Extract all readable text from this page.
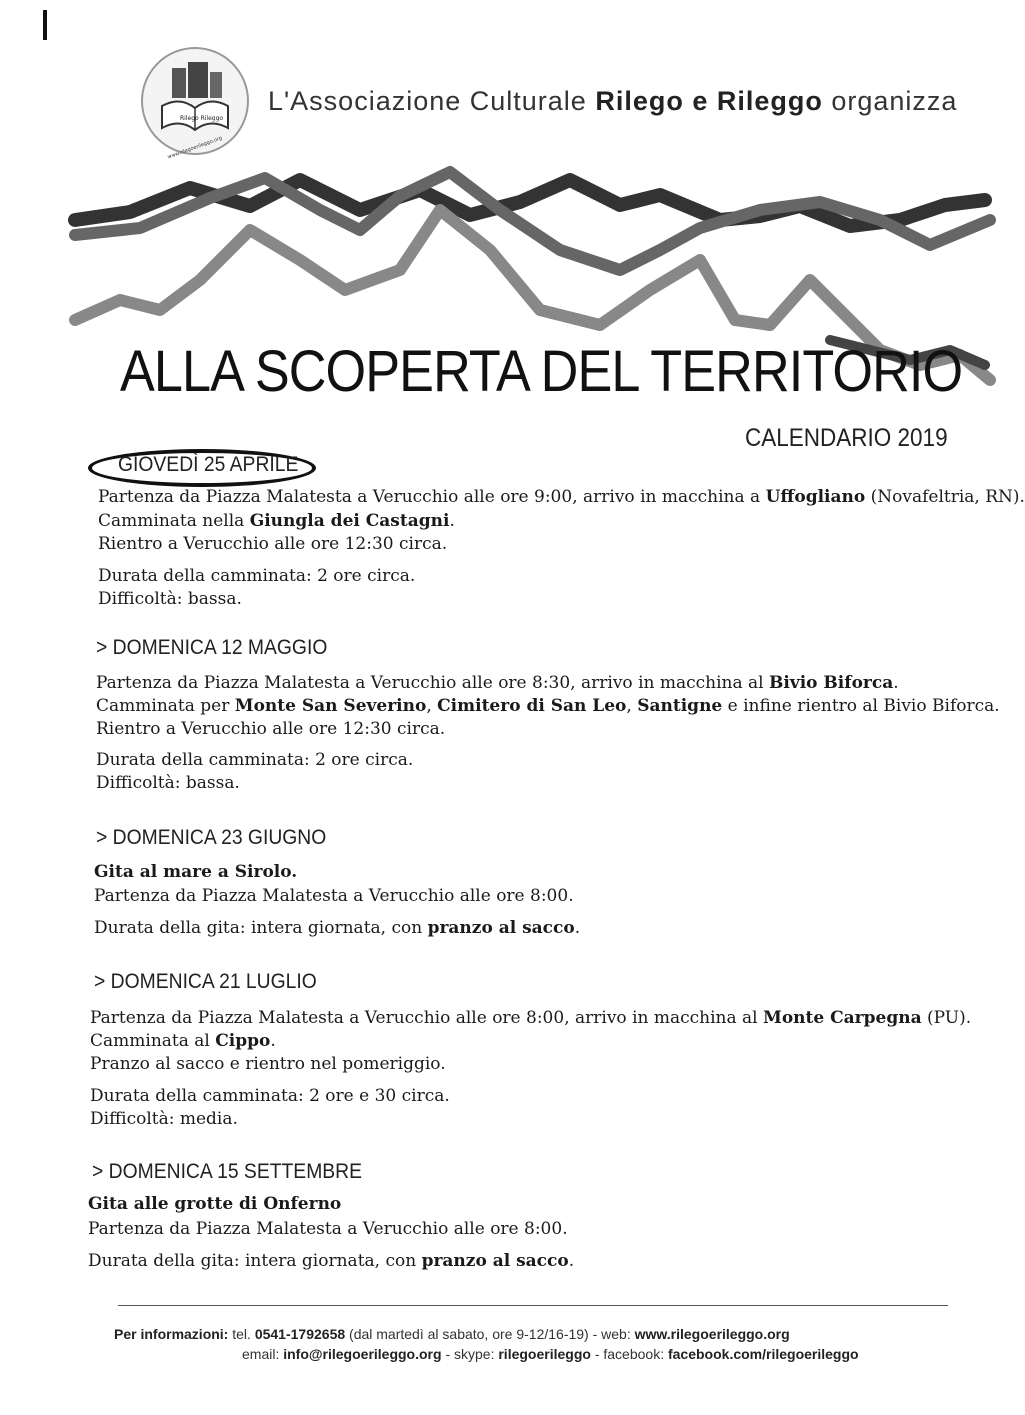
Rilego Rileggo
www.rilegoerileggo.org
L'Associazione Culturale Rilego e Rileggo organizza
ALLA SCOPERTA DEL TERRITORIO
CALENDARIO 2019
GIOVEDÌ 25 APRILE
Partenza da Piazza Malatesta a Verucchio alle ore 9:00, arrivo in macchina a Uffogliano (Novafeltria, RN).
Camminata nella Giungla dei Castagni.
Rientro a Verucchio alle ore 12:30 circa.
Durata della camminata: 2 ore circa.
Difficoltà: bassa.
> DOMENICA 12 MAGGIO
Partenza da Piazza Malatesta a Verucchio alle ore 8:30, arrivo in macchina al Bivio Biforca.
Camminata per Monte San Severino, Cimitero di San Leo, Santigne e infine rientro al Bivio Biforca.
Rientro a Verucchio alle ore 12:30 circa.
Durata della camminata: 2 ore circa.
Difficoltà: bassa.
> DOMENICA 23 GIUGNO
Gita al mare a Sirolo.
Partenza da Piazza Malatesta a Verucchio alle ore 8:00.
Durata della gita: intera giornata, con pranzo al sacco.
> DOMENICA 21 LUGLIO
Partenza da Piazza Malatesta a Verucchio alle ore 8:00, arrivo in macchina al Monte Carpegna (PU).
Camminata al Cippo.
Pranzo al sacco e rientro nel pomeriggio.
Durata della camminata: 2 ore e 30 circa.
Difficoltà: media.
> DOMENICA 15 SETTEMBRE
Gita alle grotte di Onferno
Partenza da Piazza Malatesta a Verucchio alle ore 8:00.
Durata della gita: intera giornata, con pranzo al sacco.
Per informazioni: tel. 0541-1792658 (dal martedì al sabato, ore 9-12/16-19) - web: www.rilegoerileggo.org
email: info@rilegoerileggo.org - skype: rilegoerileggo - facebook: facebook.com/rilegoerileggo
